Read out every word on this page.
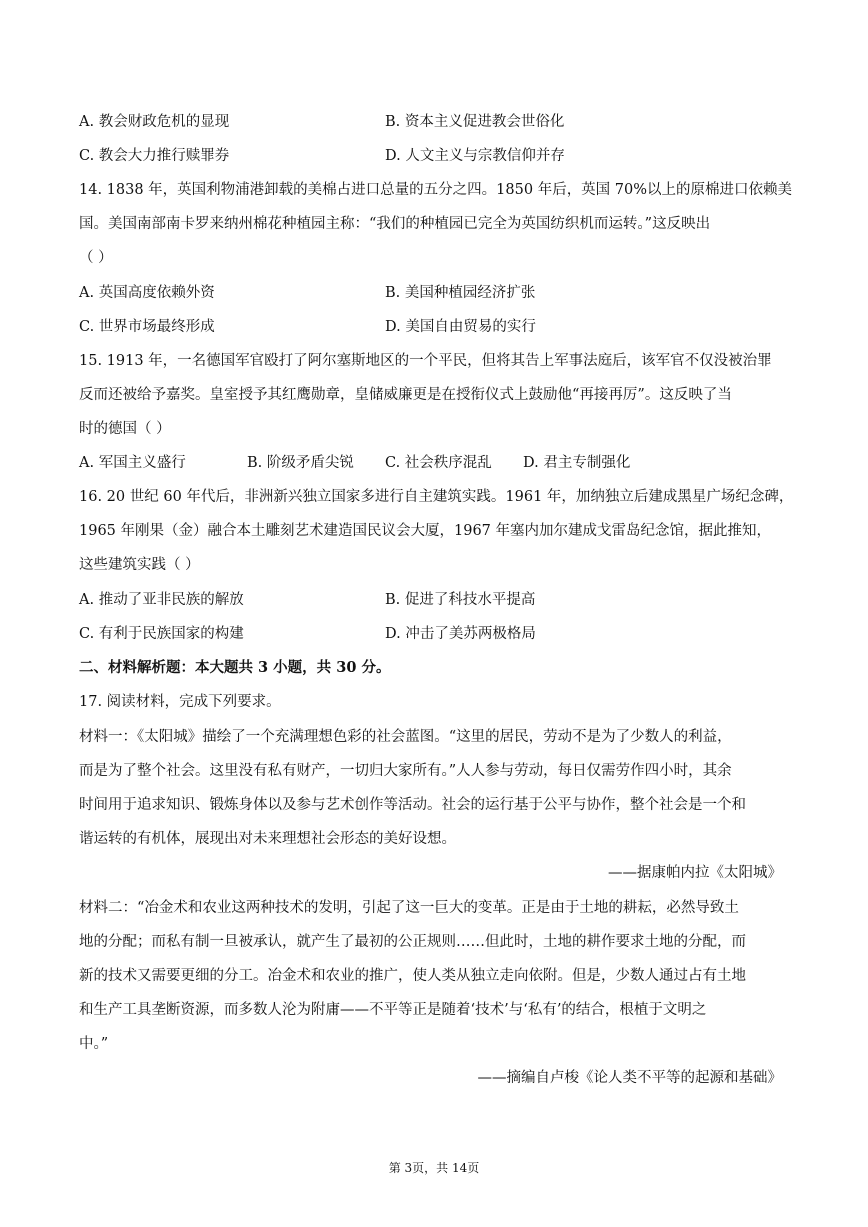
A. 教会财政危机的显现	B. 资本主义促进教会世俗化
C. 教会大力推行赎罪券	D. 人文主义与宗教信仰并存
14. 1838 年，英国利物浦港卸载的美棉占进口总量的五分之四。1850 年后，英国 70%以上的原棉进口依赖美
国。美国南部南卡罗来纳州棉花种植园主称：“我们的种植园已完全为英国纺织机而运转。”这反映出
（ ）
A. 英国高度依赖外资	B. 美国种植园经济扩张
C. 世界市场最终形成	D. 美国自由贸易的实行
15. 1913 年，一名德国军官殴打了阿尔塞斯地区的一个平民，但将其告上军事法庭后，该军官不仅没被治罪
反而还被给予嘉奖。皇室授予其红鹰勋章，皇储威廉更是在授衔仪式上鼓励他“再接再厉”。这反映了当
时的德国（ ）
A. 军国主义盛行	B. 阶级矛盾尖锐 C. 社会秩序混乱 D. 君主专制强化
16. 20 世纪 60 年代后，非洲新兴独立国家多进行自主建筑实践。1961 年，加纳独立后建成黑星广场纪念碑，
1965 年刚果（金）融合本土雕刻艺术建造国民议会大厦，1967 年塞内加尔建成戈雷岛纪念馆，据此推知，
这些建筑实践（ ）
A. 推动了亚非民族的解放	B. 促进了科技水平提高
C. 有利于民族国家的构建	D. 冲击了美苏两极格局
二、材料解析题：本大题共 3 小题，共 30 分。
17. 阅读材料，完成下列要求。
材料一：《太阳城》描绘了一个充满理想色彩的社会蓝图。“这里的居民，劳动不是为了少数人的利益，
而是为了整个社会。这里没有私有财产，一切归大家所有。”人人参与劳动，每日仅需劳作四小时，其余
时间用于追求知识、锻炼身体以及参与艺术创作等活动。社会的运行基于公平与协作，整个社会是一个和
谐运转的有机体，展现出对未来理想社会形态的美好设想。
——据康帕内拉《太阳城》
材料二：“冶金术和农业这两种技术的发明，引起了这一巨大的变革。正是由于土地的耕耘，必然导致土
地的分配；而私有制一旦被承认，就产生了最初的公正规则……但此时，土地的耕作要求土地的分配，而
新的技术又需要更细的分工。冶金术和农业的推广，使人类从独立走向依附。但是，少数人通过占有土地
和生产工具垄断资源，而多数人沦为附庸——不平等正是随着‘技术’与‘私有’的结合，根植于文明之
中。”
——摘编自卢梭《论人类不平等的起源和基础》
第 3页，共 14页
